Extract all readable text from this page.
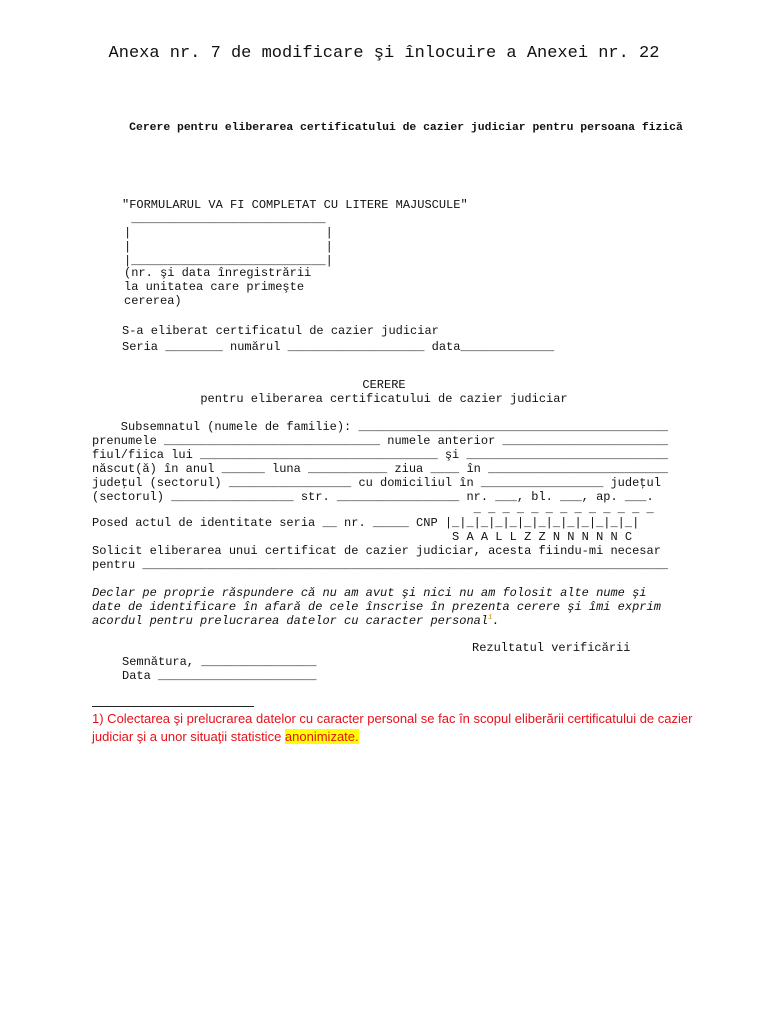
Anexa nr. 7 de modificare şi înlocuire a Anexei nr. 22
Cerere pentru eliberarea certificatului de cazier judiciar pentru persoana fizică
"FORMULARUL VA FI COMPLETAT CU LITERE MAJUSCULE"
___________________________
|                           |
|                           |
|___________________________|
(nr. şi data înregistrării
la unitatea care primeşte
cererea)
S-a eliberat certificatul de cazier judiciar
Seria ________ numărul ___________________ data_____________
CERERE
pentru eliberarea certificatului de cazier judiciar
Subsemnatul (numele de familie): ___________________________________________
prenumele ______________________________ numele anterior _______________________
fiul/fiica lui _________________________________ şi ____________________________
născut(ă) în anul ______ luna ___________ ziua ____ în _________________________
judeţul (sectorul) _________________ cu domiciliul în _________________ judeţul
(sectorul) _________________ str. _________________ nr. ___, bl. ___, ap. ___.
_ _ _ _ _ _ _ _ _ _ _ _ _
Posed actul de identitate seria __ nr. _____ CNP |_|_|_|_|_|_|_|_|_|_|_|_|_|
S A A L L Z Z N N N N N C
Solicit eliberarea unui certificat de cazier judiciar, acesta fiindu-mi necesar
pentru _________________________________________________________________________
Declar pe proprie răspundere că nu am avut şi nici nu am folosit alte nume şi
date de identificare în afară de cele înscrise în prezenta cerere şi îmi exprim
acordul pentru prelucrarea datelor cu caracter personal$^1$.
Rezultatul verificării
Semnătura, ________________
Data ______________________
1) Colectarea şi prelucrarea datelor cu caracter personal se fac în scopul eliberării certificatului de cazier judiciar şi a unor situaţii statistice anonimizate.
